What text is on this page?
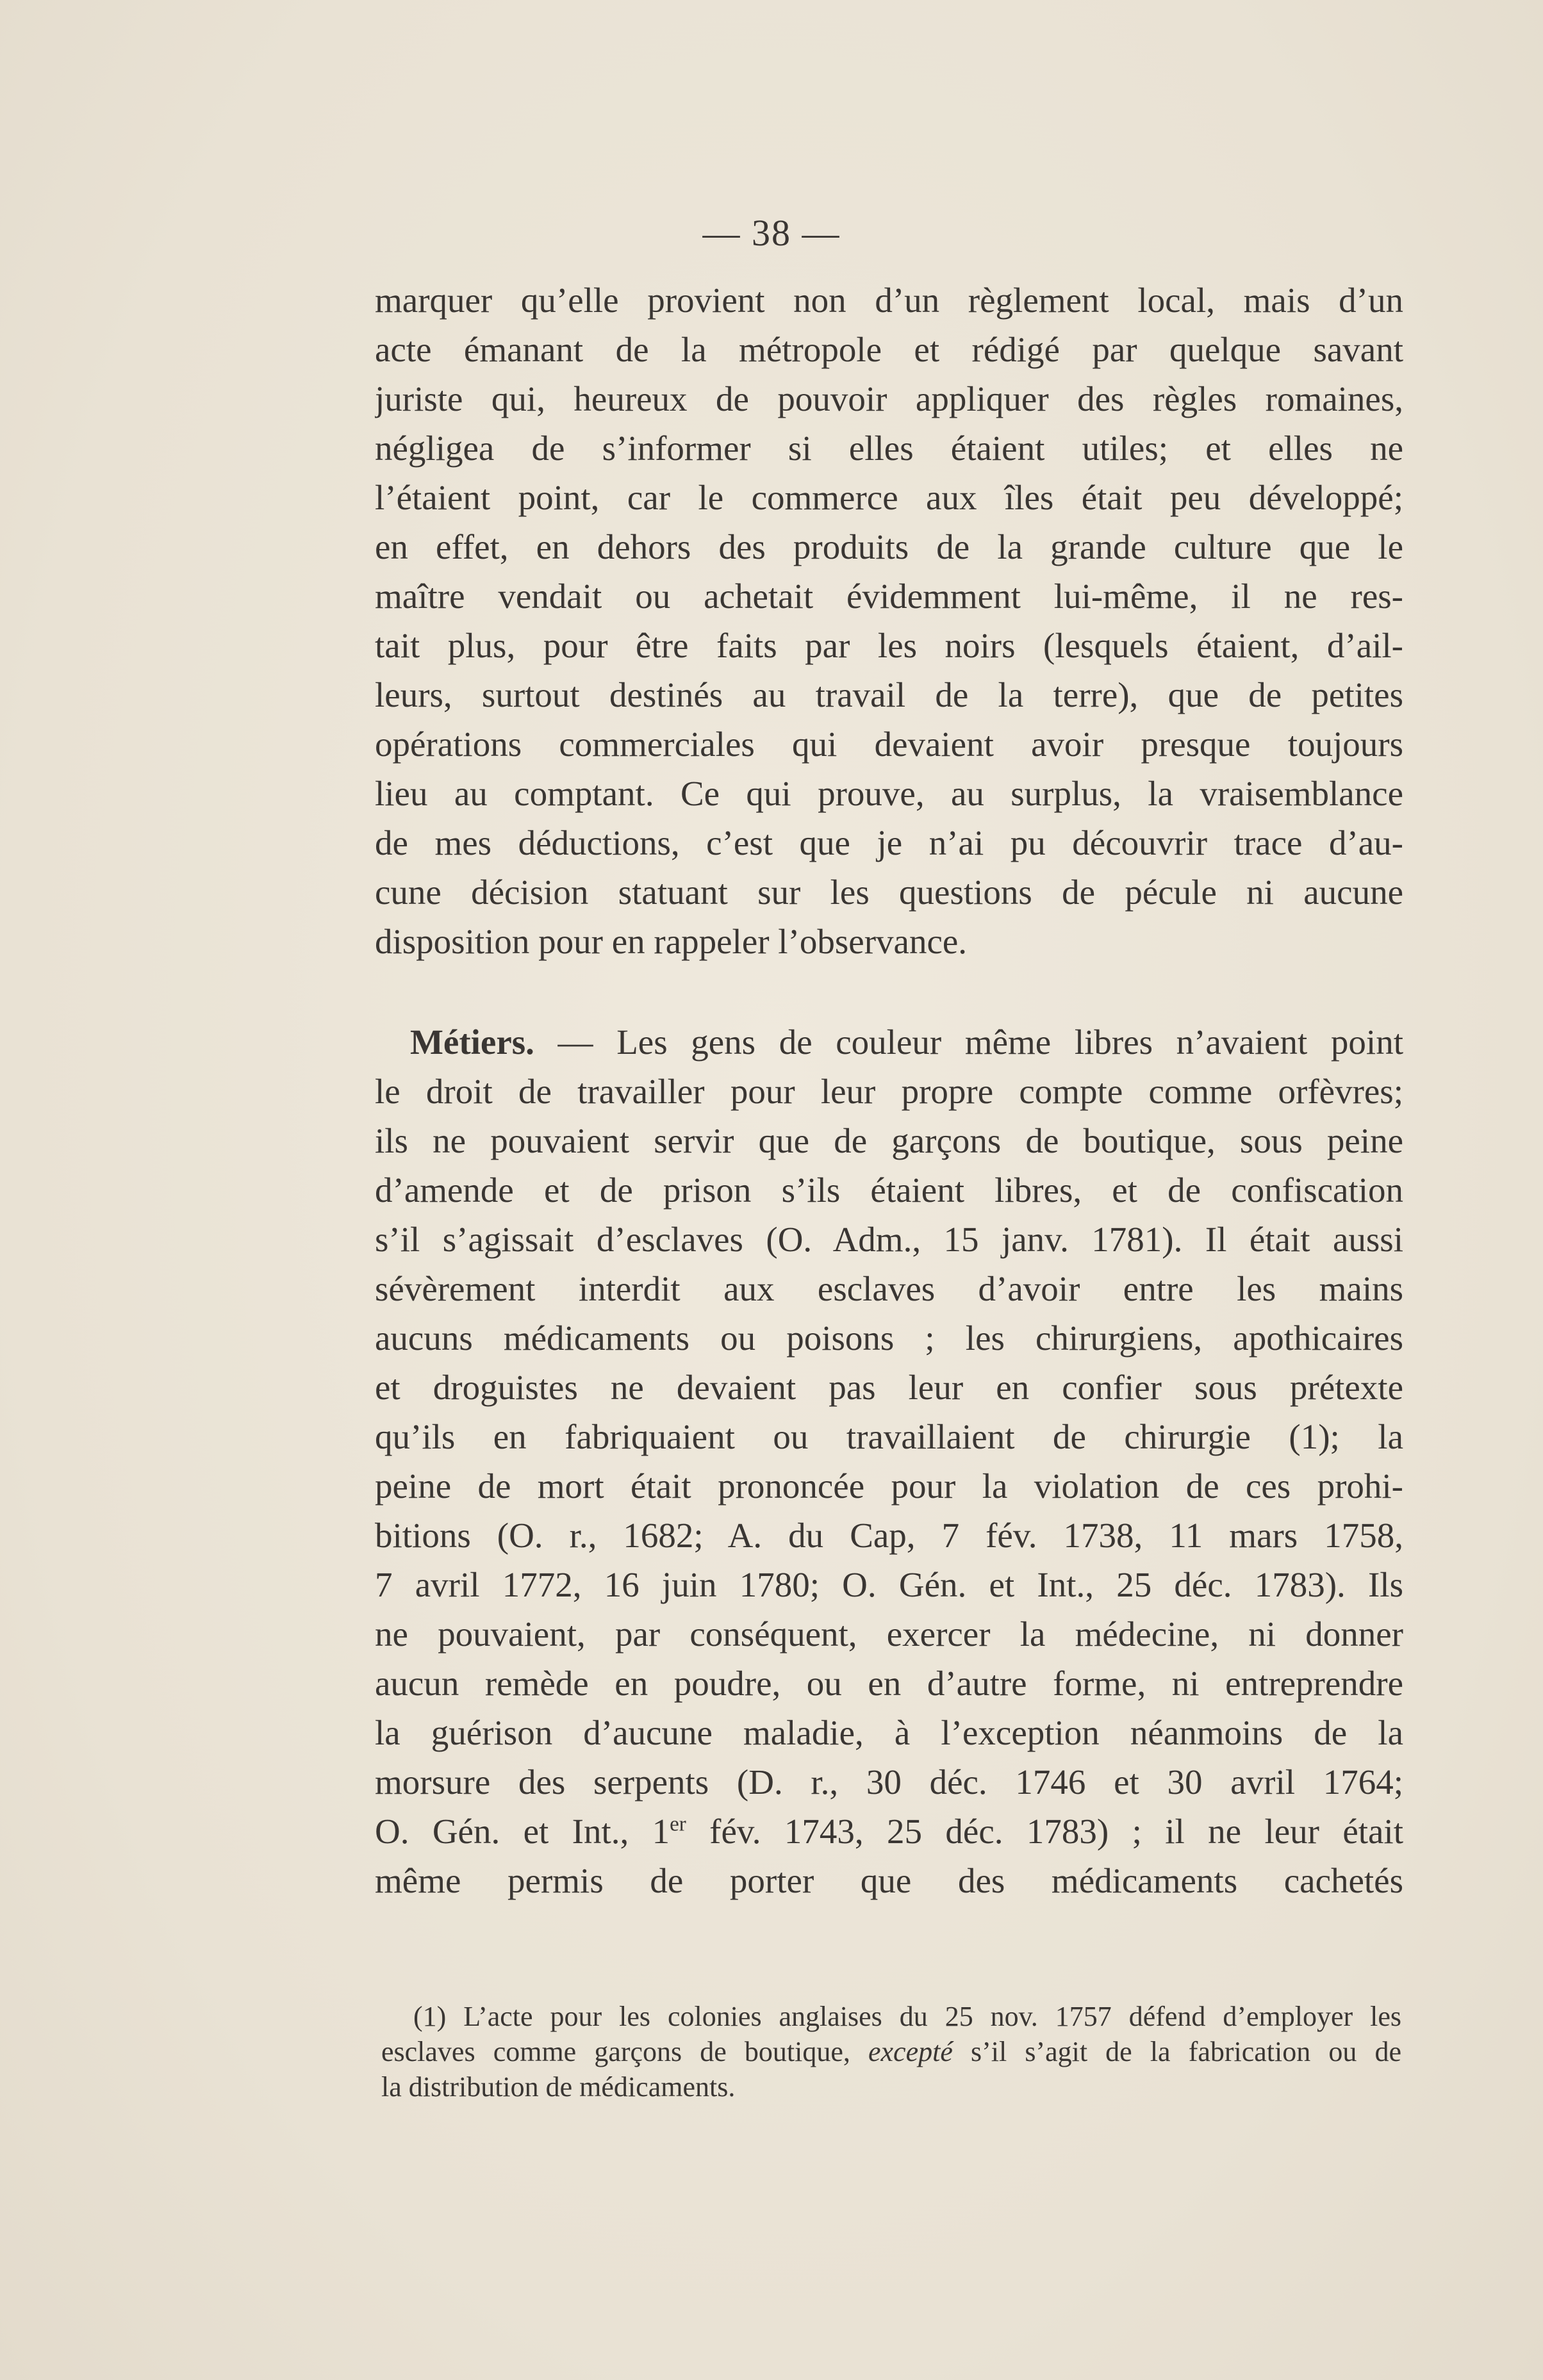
— 38 —
marquer qu’elle provient non d’un règlement local, mais d’un
acte émanant de la métropole et rédigé par quelque savant
juriste qui, heureux de pouvoir appliquer des règles romaines,
négligea de s’informer si elles étaient utiles; et elles ne
l’étaient point, car le commerce aux îles était peu développé;
en effet, en dehors des produits de la grande culture que le
maître vendait ou achetait évidemment lui-même, il ne res-
tait plus, pour être faits par les noirs (lesquels étaient, d’ail-
leurs, surtout destinés au travail de la terre), que de petites
opérations commerciales qui devaient avoir presque toujours
lieu au comptant. Ce qui prouve, au surplus, la vraisemblance
de mes déductions, c’est que je n’ai pu découvrir trace d’au-
cune décision statuant sur les questions de pécule ni aucune
disposition pour en rappeler l’observance.
Métiers. — Les gens de couleur même libres n’avaient point
le droit de travailler pour leur propre compte comme orfèvres;
ils ne pouvaient servir que de garçons de boutique, sous peine
d’amende et de prison s’ils étaient libres, et de confiscation
s’il s’agissait d’esclaves (O. Adm., 15 janv. 1781). Il était aussi
sévèrement interdit aux esclaves d’avoir entre les mains
aucuns médicaments ou poisons ; les chirurgiens, apothicaires
et droguistes ne devaient pas leur en confier sous prétexte
qu’ils en fabriquaient ou travaillaient de chirurgie (1); la
peine de mort était prononcée pour la violation de ces prohi-
bitions (O. r., 1682; A. du Cap, 7 fév. 1738, 11 mars 1758,
7 avril 1772, 16 juin 1780; O. Gén. et Int., 25 déc. 1783). Ils
ne pouvaient, par conséquent, exercer la médecine, ni donner
aucun remède en poudre, ou en d’autre forme, ni entreprendre
la guérison d’aucune maladie, à l’exception néanmoins de la
morsure des serpents (D. r., 30 déc. 1746 et 30 avril 1764;
O. Gén. et Int., 1er fév. 1743, 25 déc. 1783) ; il ne leur était
même permis de porter que des médicaments cachetés
(1) L’acte pour les colonies anglaises du 25 nov. 1757 défend d’employer les
esclaves comme garçons de boutique, excepté s’il s’agit de la fabrication ou de
la distribution de médicaments.
